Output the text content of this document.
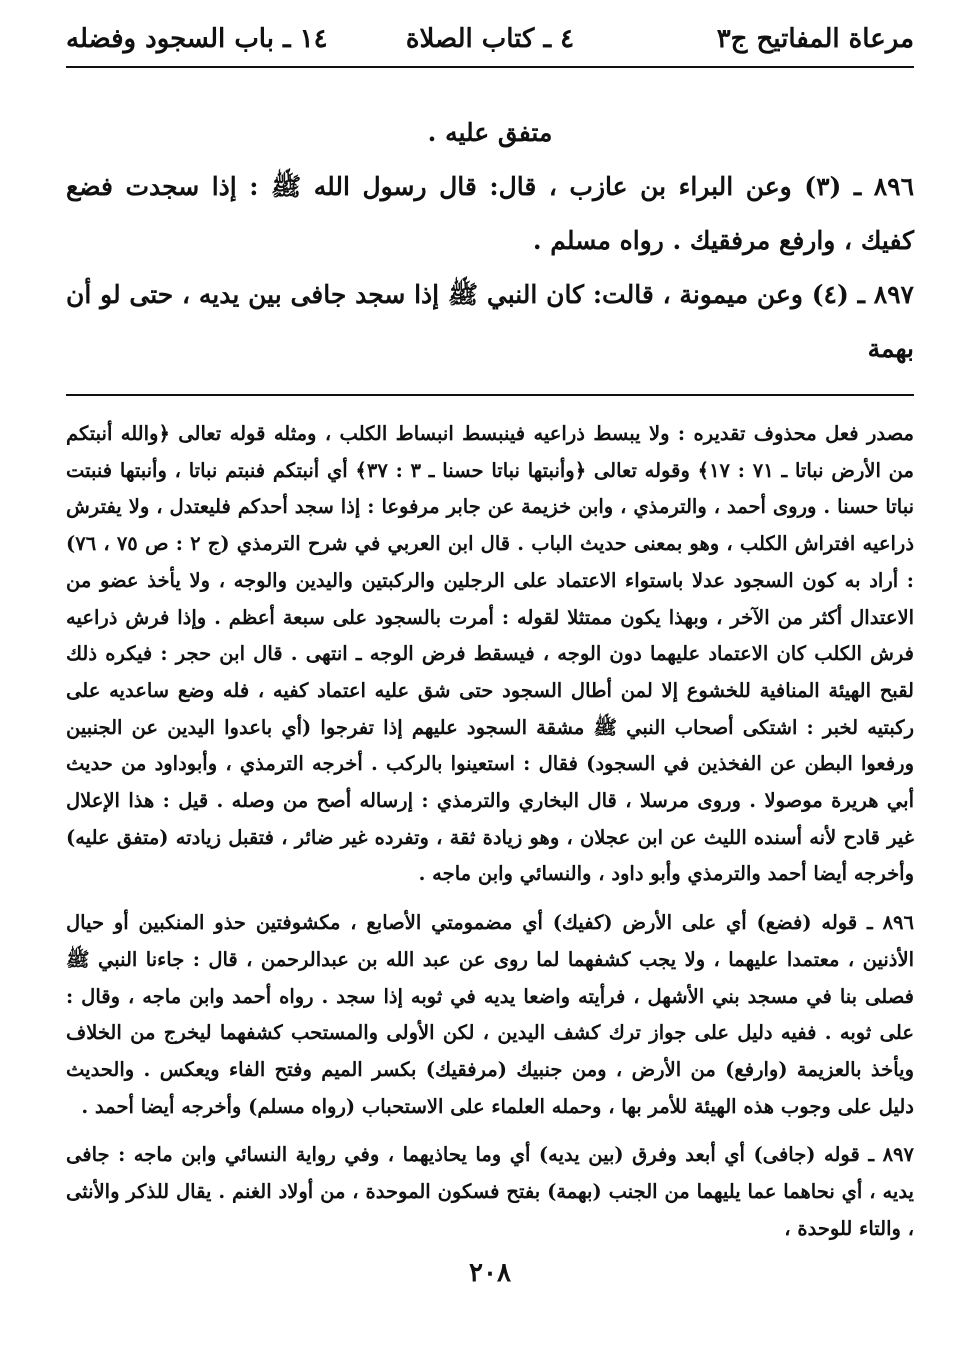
مرعاة المفاتيح ج٣
٤ ـ كتاب الصلاة
١٤ ـ باب السجود وفضله

متفق عليه .

٨٩٦ ـ (٣) وعن البراء بن عازب ، قال: قال رسول الله ﷺ : إذا سجدت فضع كفيك ، وارفع مرفقيك . رواه مسلم .

٨٩٧ ـ (٤) وعن ميمونة ، قالت: كان النبي ﷺ إذا سجد جافى بين يديه ، حتى لو أن بهمة

مصدر فعل محذوف تقديره : ولا يبسط ذراعيه فينبسط انبساط الكلب ، ومثله قوله تعالى ﴿والله أنبتكم من الأرض نباتا ـ ٧١ : ١٧﴾ وقوله تعالى ﴿وأنبتها نباتا حسنا ـ ٣ : ٣٧﴾ أي أنبتكم فنبتم نباتا ، وأنبتها فنبتت نباتا حسنا . وروى أحمد ، والترمذي ، وابن خزيمة عن جابر مرفوعا : إذا سجد أحدكم فليعتدل ، ولا يفترش ذراعيه افتراش الكلب ، وهو بمعنى حديث الباب . قال ابن العربي في شرح الترمذي (ج ٢ : ص ٧٥ ، ٧٦) : أراد به كون السجود عدلا باستواء الاعتماد على الرجلين والركبتين واليدين والوجه ، ولا يأخذ عضو من الاعتدال أكثر من الآخر ، وبهذا يكون ممتثلا لقوله : أمرت بالسجود على سبعة أعظم . وإذا فرش ذراعيه فرش الكلب كان الاعتماد عليهما دون الوجه ، فيسقط فرض الوجه ـ انتهى . قال ابن حجر : فيكره ذلك لقبح الهيئة المنافية للخشوع إلا لمن أطال السجود حتى شق عليه اعتماد كفيه ، فله وضع ساعديه على ركبتيه لخبر : اشتكى أصحاب النبي ﷺ مشقة السجود عليهم إذا تفرجوا (أي باعدوا اليدين عن الجنبين ورفعوا البطن عن الفخذين في السجود) فقال : استعينوا بالركب . أخرجه الترمذي ، وأبوداود من حديث أبي هريرة موصولا . وروى مرسلا ، قال البخاري والترمذي : إرساله أصح من وصله . قيل : هذا الإعلال غير قادح لأنه أسنده الليث عن ابن عجلان ، وهو زيادة ثقة ، وتفرده غير ضائر ، فتقبل زيادته (متفق عليه) وأخرجه أيضا أحمد والترمذي وأبو داود ، والنسائي وابن ماجه .

٨٩٦ ـ قوله (فضع) أي على الأرض (كفيك) أي مضمومتي الأصابع ، مكشوفتين حذو المنكبين أو حيال الأذنين ، معتمدا عليهما ، ولا يجب كشفهما لما روى عن عبد الله بن عبدالرحمن ، قال : جاءنا النبي ﷺ فصلى بنا في مسجد بني الأشهل ، فرأيته واضعا يديه في ثوبه إذا سجد . رواه أحمد وابن ماجه ، وقال : على ثوبه . ففيه دليل على جواز ترك كشف اليدين ، لكن الأولى والمستحب كشفهما ليخرج من الخلاف ويأخذ بالعزيمة (وارفع) من الأرض ، ومن جنبيك (مرفقيك) بكسر الميم وفتح الفاء ويعكس . والحديث دليل على وجوب هذه الهيئة للأمر بها ، وحمله العلماء على الاستحباب (رواه مسلم) وأخرجه أيضا أحمد .

٨٩٧ ـ قوله (جافى) أي أبعد وفرق (بين يديه) أي وما يحاذيهما ، وفي رواية النسائي وابن ماجه : جافى يديه ، أي نحاهما عما يليهما من الجنب (بهمة) بفتح فسكون الموحدة ، من أولاد الغنم . يقال للذكر والأنثى ، والتاء للوحدة ،

٢٠٨
